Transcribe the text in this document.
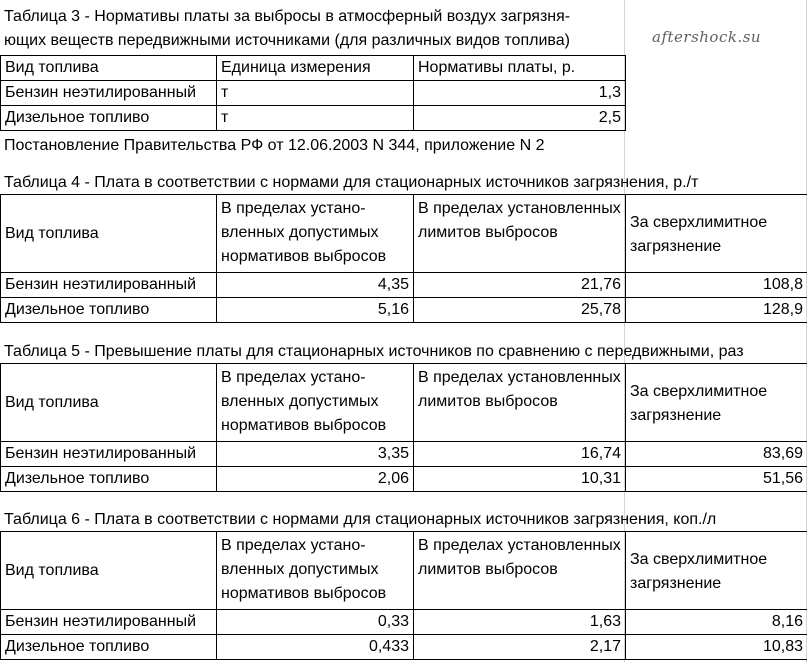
Таблица 3 - Нормативы платы за выбросы в атмосферный воздух загрязня-
ющих веществ передвижными источниками (для различных видов топлива)	aftershock.su
Вид топлива	Единица измерения	Нормативы платы, р.
Бензин неэтилированный	т	1,3
Дизельное топливо	т	2,5
Постановление Правительства РФ от 12.06.2003 N 344, приложение N 2
Таблица 4 - Плата в соответствии с нормами для стационарных источников загрязнения, р./т
Вид топлива	В пределах устано-вленных допустимых нормативов выбросов	В пределах установленных лимитов выбросов	За сверхлимитное загрязнение
Бензин неэтилированный	4,35	21,76	108,8
Дизельное топливо	5,16	25,78	128,9
Таблица 5 - Превышение платы для стационарных источников по сравнению с передвижными, раз
Вид топлива	В пределах устано-вленных допустимых нормативов выбросов	В пределах установленных лимитов выбросов	За сверхлимитное загрязнение
Бензин неэтилированный	3,35	16,74	83,69
Дизельное топливо	2,06	10,31	51,56
Таблица 6 - Плата в соответствии с нормами для стационарных источников загрязнения, коп./л
Вид топлива	В пределах устано-вленных допустимых нормативов выбросов	В пределах установленных лимитов выбросов	За сверхлимитное загрязнение
Бензин неэтилированный	0,33	1,63	8,16
Дизельное топливо	0,433	2,17	10,83
